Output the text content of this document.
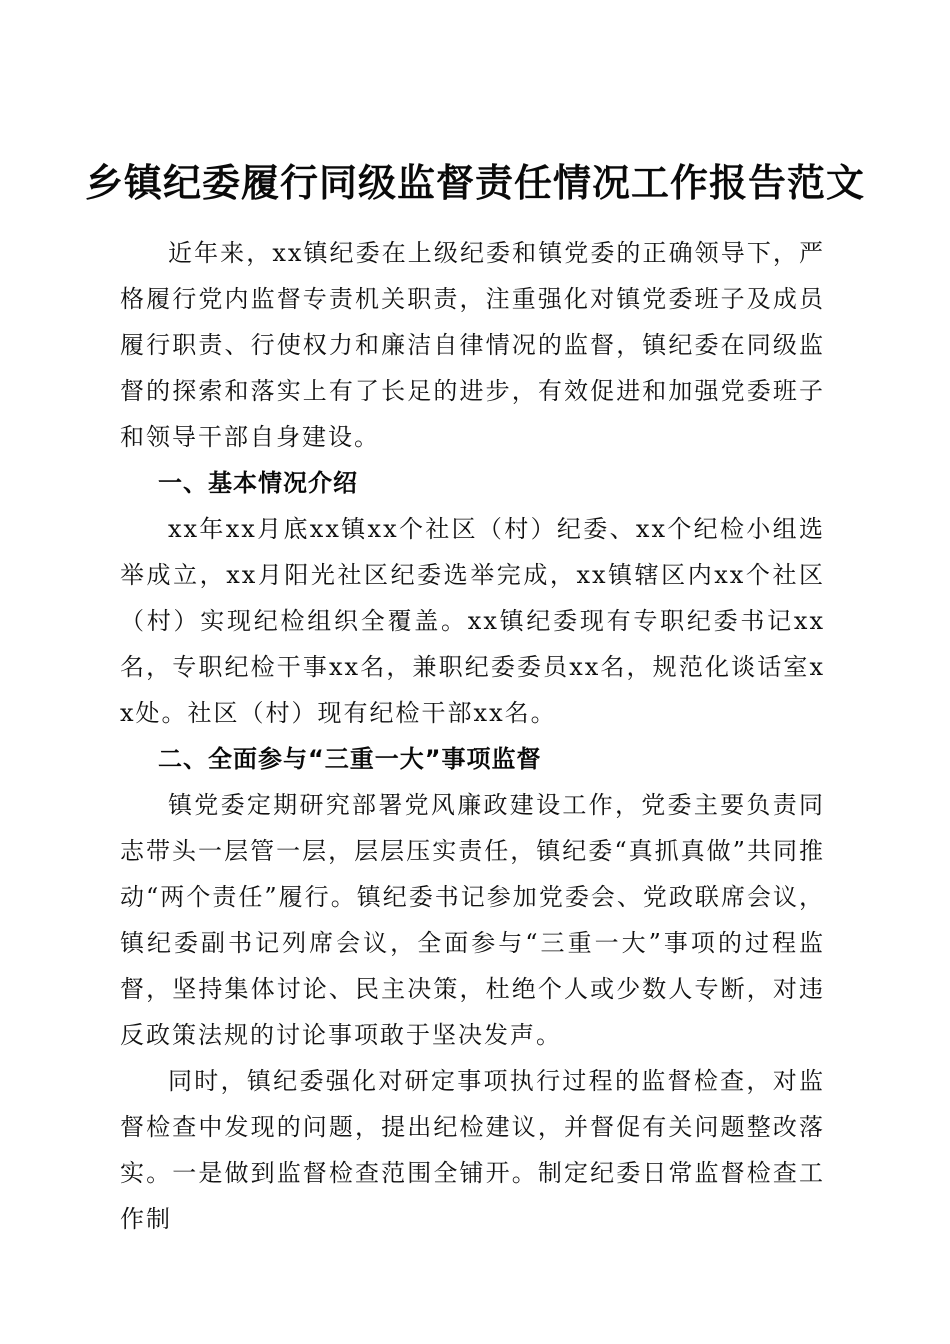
乡镇纪委履行同级监督责任情况工作报告范文

近年来，xx镇纪委在上级纪委和镇党委的正确领导下，严格履行党内监督专责机关职责，注重强化对镇党委班子及成员履行职责、行使权力和廉洁自律情况的监督，镇纪委在同级监督的探索和落实上有了长足的进步，有效促进和加强党委班子和领导干部自身建设。

一、基本情况介绍

xx年xx月底xx镇xx个社区（村）纪委、xx个纪检小组选举成立，xx月阳光社区纪委选举完成，xx镇辖区内xx个社区（村）实现纪检组织全覆盖。xx镇纪委现有专职纪委书记xx名，专职纪检干事xx名，兼职纪委委员xx名，规范化谈话室xx处。社区（村）现有纪检干部xx名。

二、全面参与“三重一大”事项监督

镇党委定期研究部署党风廉政建设工作，党委主要负责同志带头一层管一层，层层压实责任，镇纪委“真抓真做”共同推动“两个责任”履行。镇纪委书记参加党委会、党政联席会议，镇纪委副书记列席会议，全面参与“三重一大”事项的过程监督，坚持集体讨论、民主决策，杜绝个人或少数人专断，对违反政策法规的讨论事项敢于坚决发声。

同时，镇纪委强化对研定事项执行过程的监督检查，对监督检查中发现的问题，提出纪检建议，并督促有关问题整改落实。一是做到监督检查范围全铺开。制定纪委日常监督检查工作制
